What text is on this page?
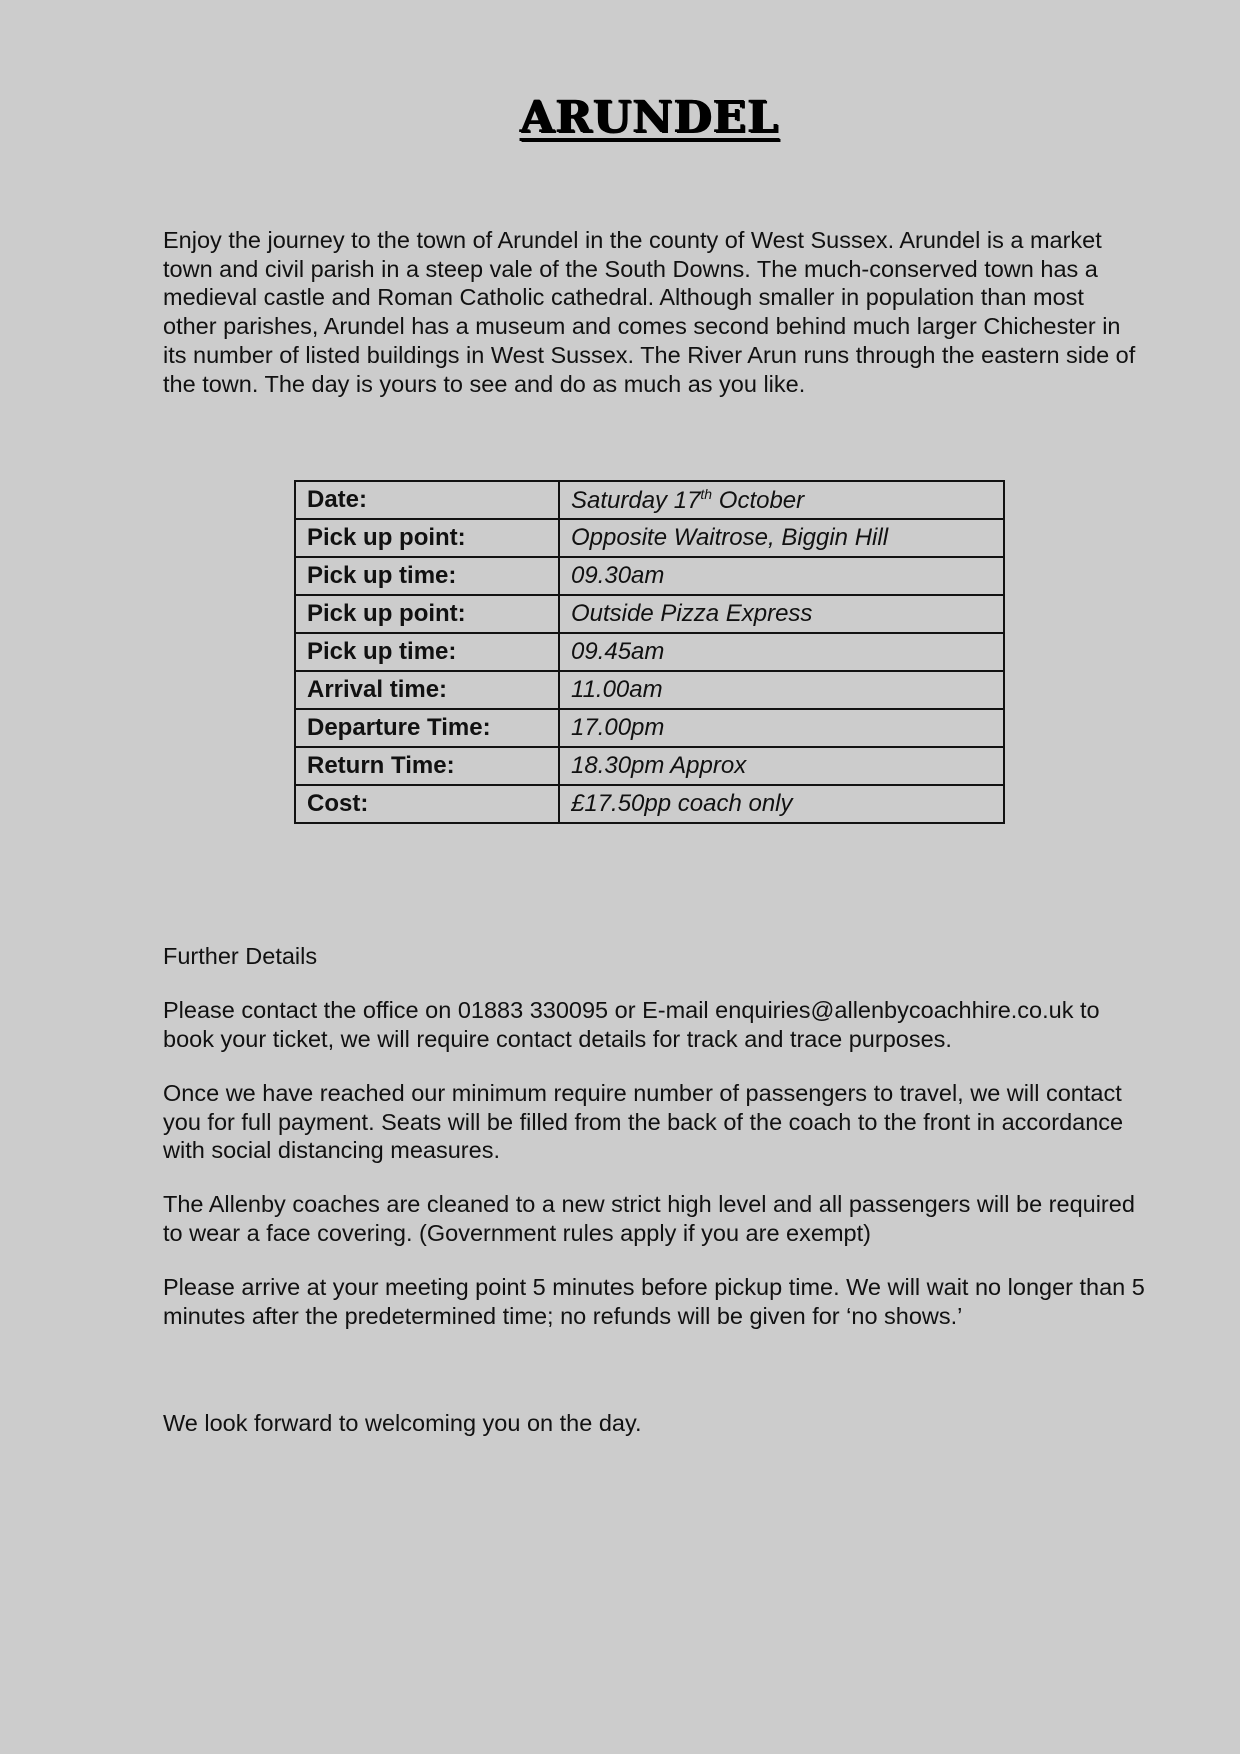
ARUNDEL

Enjoy the journey to the town of Arundel in the county of West Sussex. Arundel is a market town and civil parish in a steep vale of the South Downs. The much-conserved town has a medieval castle and Roman Catholic cathedral. Although smaller in population than most other parishes, Arundel has a museum and comes second behind much larger Chichester in its number of listed buildings in West Sussex. The River Arun runs through the eastern side of the town. The day is yours to see and do as much as you like.

Date:	Saturday 17th October
Pick up point:	Opposite Waitrose, Biggin Hill
Pick up time:	09.30am
Pick up point:	Outside Pizza Express
Pick up time:	09.45am
Arrival time:	11.00am
Departure Time:	17.00pm
Return Time:	18.30pm Approx
Cost:	£17.50pp coach only

Further Details

Please contact the office on 01883 330095 or E-mail enquiries@allenbycoachhire.co.uk to book your ticket, we will require contact details for track and trace purposes.

Once we have reached our minimum require number of passengers to travel, we will contact you for full payment. Seats will be filled from the back of the coach to the front in accordance with social distancing measures.

The Allenby coaches are cleaned to a new strict high level and all passengers will be required to wear a face covering. (Government rules apply if you are exempt)

Please arrive at your meeting point 5 minutes before pickup time. We will wait no longer than 5 minutes after the predetermined time; no refunds will be given for ‘no shows.’

We look forward to welcoming you on the day.
